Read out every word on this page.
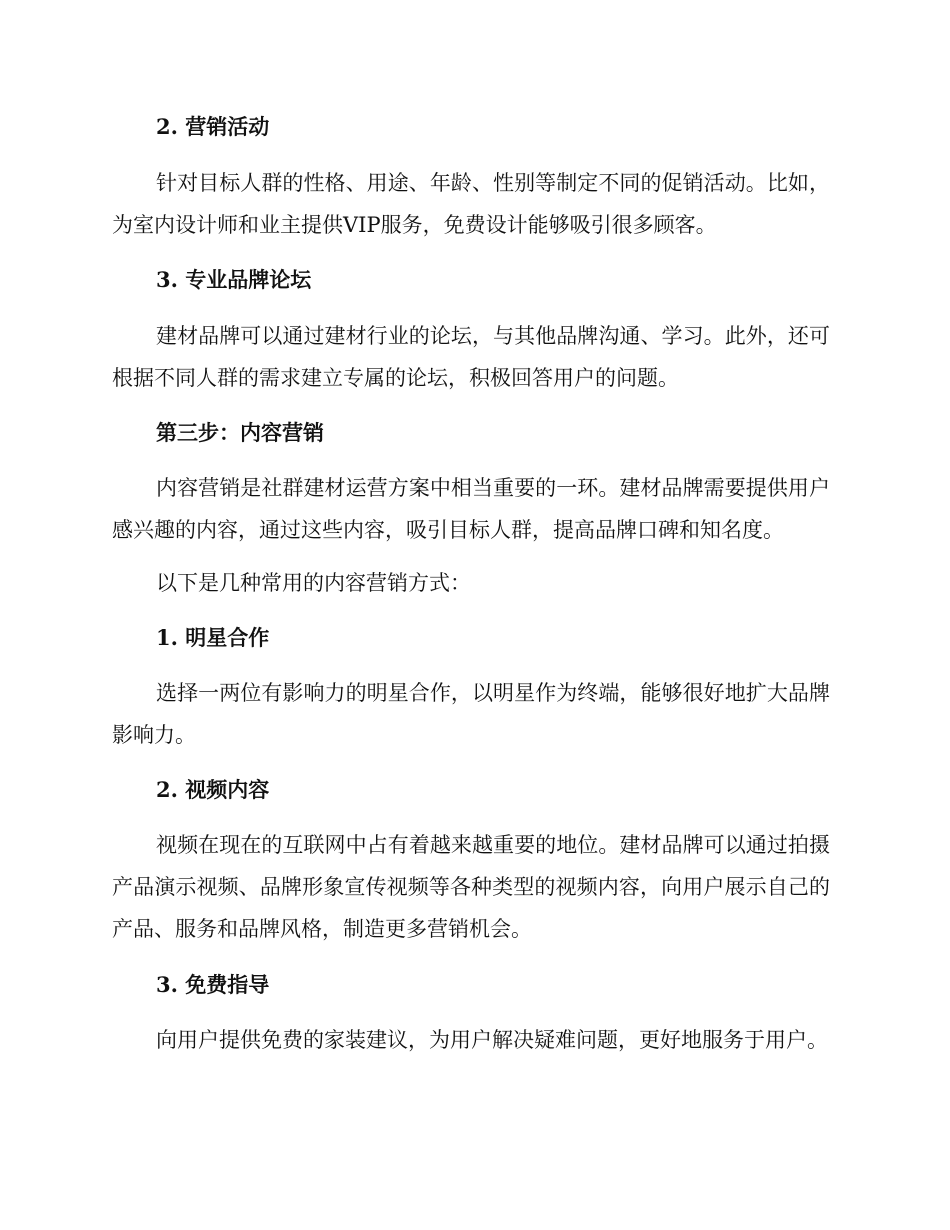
2. 营销活动
针对目标人群的性格、用途、年龄、性别等制定不同的促销活动。比如，为室内设计师和业主提供VIP服务，免费设计能够吸引很多顾客。
3. 专业品牌论坛
建材品牌可以通过建材行业的论坛，与其他品牌沟通、学习。此外，还可根据不同人群的需求建立专属的论坛，积极回答用户的问题。
第三步：内容营销
内容营销是社群建材运营方案中相当重要的一环。建材品牌需要提供用户感兴趣的内容，通过这些内容，吸引目标人群，提高品牌口碑和知名度。
以下是几种常用的内容营销方式：
1. 明星合作
选择一两位有影响力的明星合作，以明星作为终端，能够很好地扩大品牌影响力。
2. 视频内容
视频在现在的互联网中占有着越来越重要的地位。建材品牌可以通过拍摄产品演示视频、品牌形象宣传视频等各种类型的视频内容，向用户展示自己的产品、服务和品牌风格，制造更多营销机会。
3. 免费指导
向用户提供免费的家装建议，为用户解决疑难问题，更好地服务于用户。
